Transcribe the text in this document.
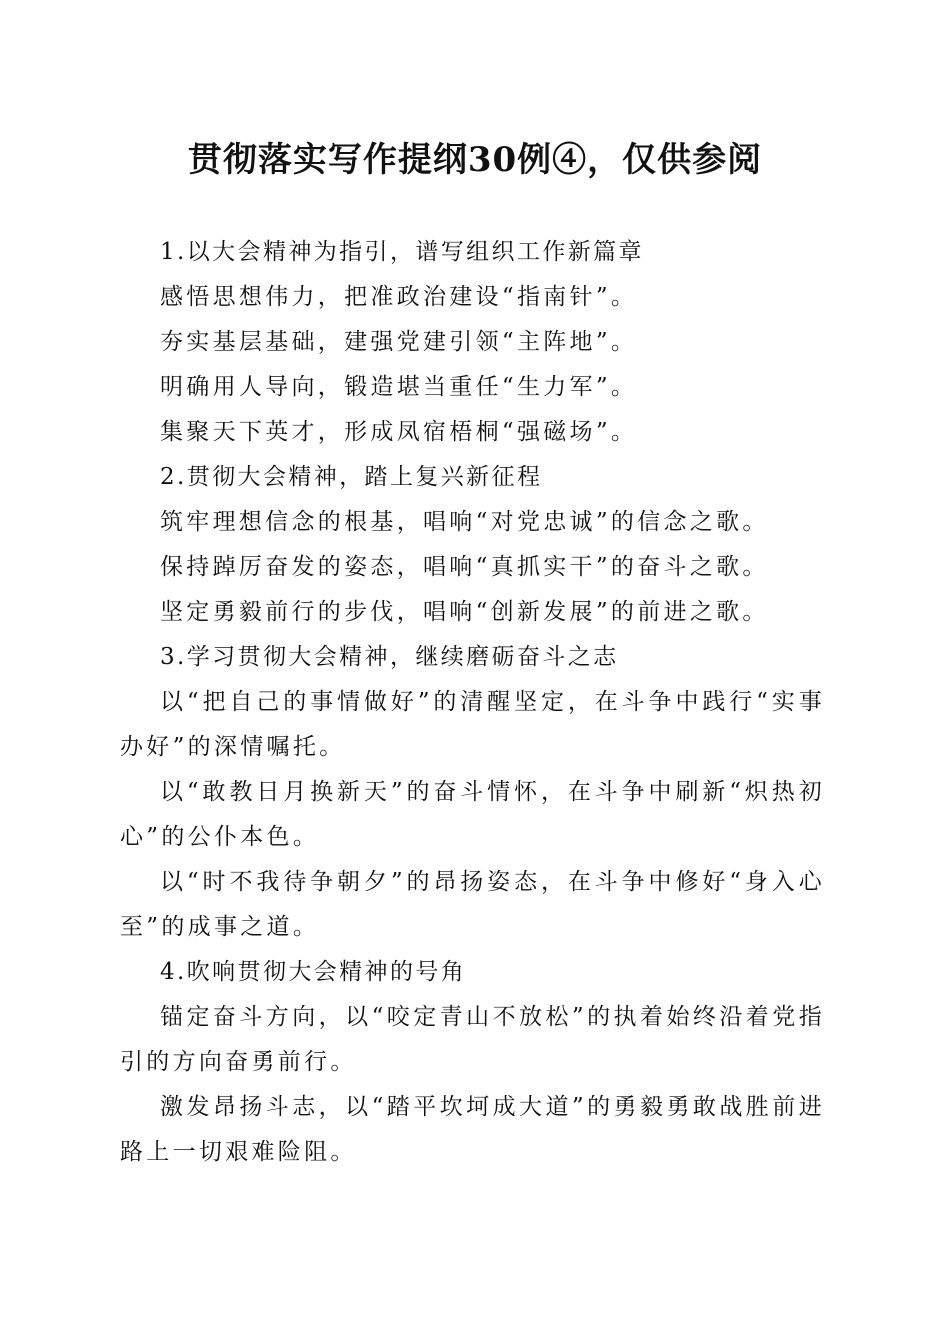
贯彻落实写作提纲30例④，仅供参阅

1.以大会精神为指引，谱写组织工作新篇章

感悟思想伟力，把准政治建设“指南针”。

夯实基层基础，建强党建引领“主阵地”。

明确用人导向，锻造堪当重任“生力军”。

集聚天下英才，形成凤宿梧桐“强磁场”。

2.贯彻大会精神，踏上复兴新征程

筑牢理想信念的根基，唱响“对党忠诚”的信念之歌。

保持踔厉奋发的姿态，唱响“真抓实干”的奋斗之歌。

坚定勇毅前行的步伐，唱响“创新发展”的前进之歌。

3.学习贯彻大会精神，继续磨砺奋斗之志

以“把自己的事情做好”的清醒坚定，在斗争中践行“实事办好”的深情嘱托。

以“敢教日月换新天”的奋斗情怀，在斗争中刷新“炽热初心”的公仆本色。

以“时不我待争朝夕”的昂扬姿态，在斗争中修好“身入心至”的成事之道。

4.吹响贯彻大会精神的号角

锚定奋斗方向，以“咬定青山不放松”的执着始终沿着党指引的方向奋勇前行。

激发昂扬斗志，以“踏平坎坷成大道”的勇毅勇敢战胜前进路上一切艰难险阻。
